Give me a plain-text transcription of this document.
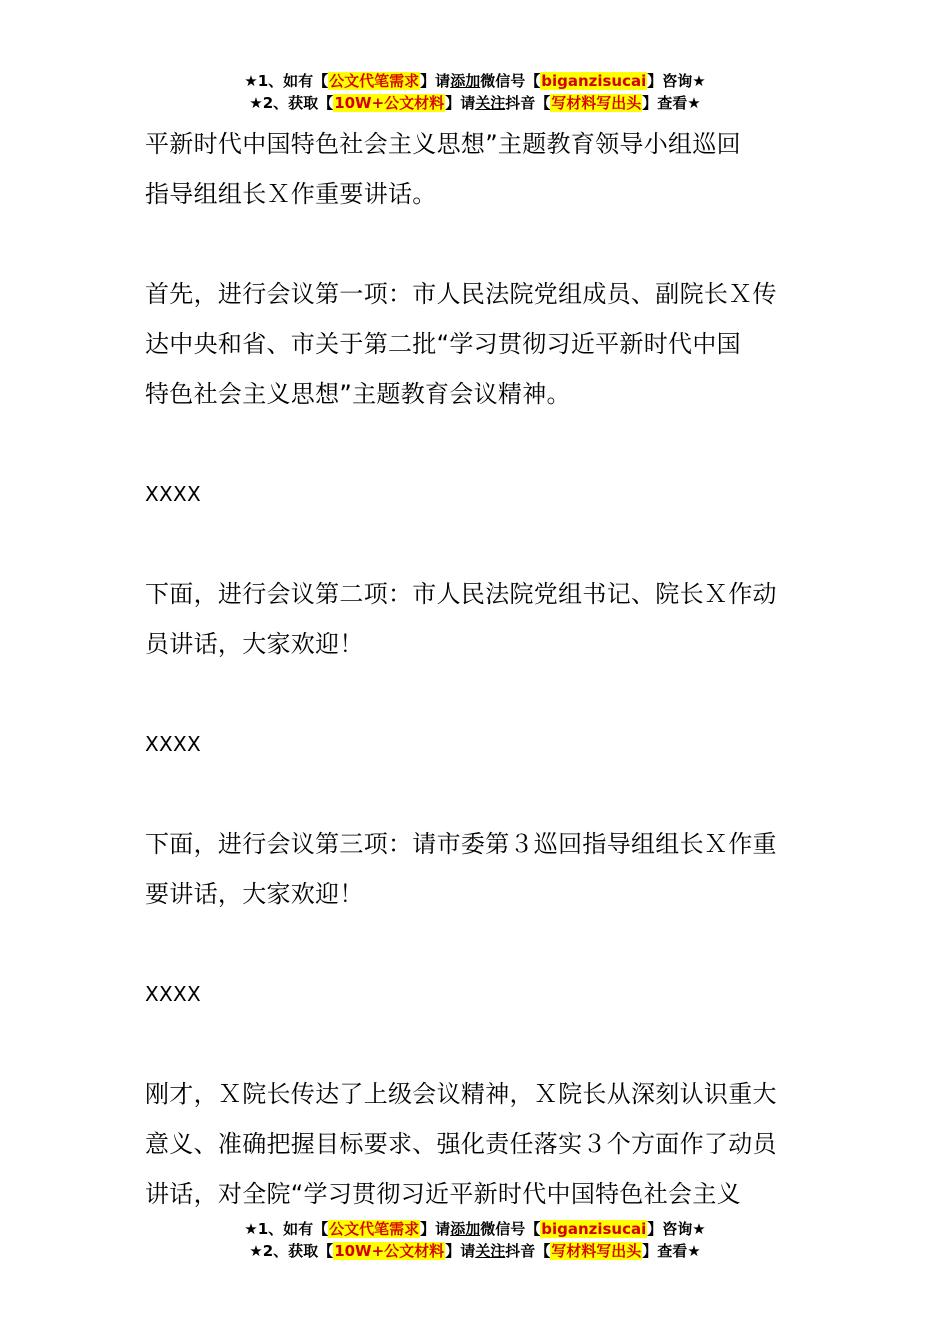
★1、如有【公文代笔需求】请添加微信号【biganzisucai】咨询★
★2、获取【10W+公文材料】请关注抖音【写材料写出头】查看★
平新时代中国特色社会主义思想”主题教育领导小组巡回
指导组组长Ｘ作重要讲话。
首先，进行会议第一项：市人民法院党组成员、副院长Ｘ传
达中央和省、市关于第二批“学习贯彻习近平新时代中国
特色社会主义思想”主题教育会议精神。
XXXX
下面，进行会议第二项：市人民法院党组书记、院长Ｘ作动
员讲话，大家欢迎！
XXXX
下面，进行会议第三项：请市委第３巡回指导组组长Ｘ作重
要讲话，大家欢迎！
XXXX
刚才，Ｘ院长传达了上级会议精神，Ｘ院长从深刻认识重大
意义、准确把握目标要求、强化责任落实３个方面作了动员
讲话，对全院“学习贯彻习近平新时代中国特色社会主义
★1、如有【公文代笔需求】请添加微信号【biganzisucai】咨询★
★2、获取【10W+公文材料】请关注抖音【写材料写出头】查看★
